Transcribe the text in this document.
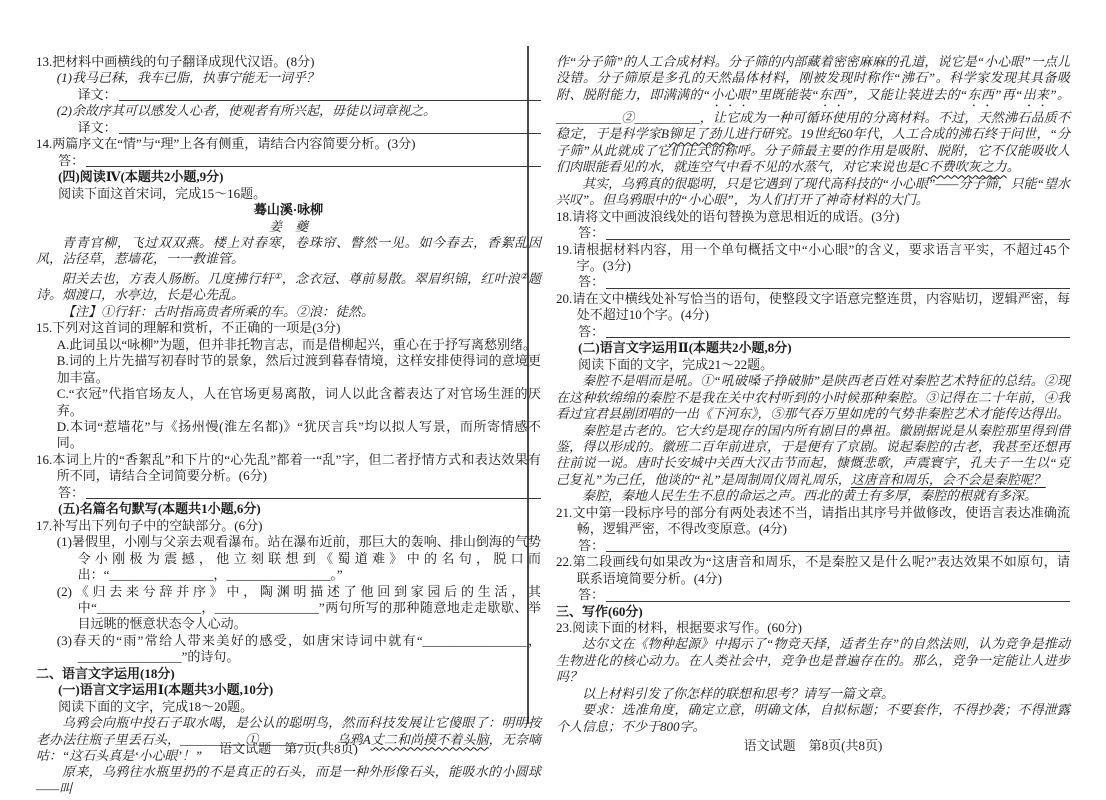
13.把材料中画横线的句子翻译成现代汉语。(8分)
(1)我马已秣，我车已脂，执事宁能无一词乎？
译文：
(2)余故序其可以感发人心者，使观者有所兴起，毋徒以词章视之。
译文：
14.两篇序文在“情”与“理”上各有侧重，请结合内容简要分析。(3分)
答：
(四)阅读Ⅳ(本题共2小题,9分)
阅读下面这首宋词，完成15～16题。
蓦山溪·咏柳
姜　夔
青青官柳，飞过双双燕。楼上对春寒，卷珠帘、瞥然一见。如今春去，香絮乱因风，沾径草，惹墙花，一一教谁管。
阳关去也，方表人肠断。几度拂行轩①，念衣冠、尊前易散。翠眉织锦，红叶浪②题诗。烟渡口，水亭边，长是心先乱。
【注】①行轩：古时指高贵者所乘的车。②浪：徒然。
15.下列对这首词的理解和赏析，不正确的一项是(3分)
A.此词虽以“咏柳”为题，但并非托物言志，而是借柳起兴，重心在于抒写离愁别绪。
B.词的上片先描写初春时节的景象，然后过渡到暮春情境，这样安排使得词的意境更加丰富。
C.“衣冠”代指官场友人，人在官场更易离散，词人以此含蓄表达了对官场生涯的厌弃。
D.本词“惹墙花”与《扬州慢(淮左名都)》“犹厌言兵”均以拟人写景，而所寄情感不同。
16.本词上片的“香絮乱”和下片的“心先乱”都着一“乱”字，但二者抒情方式和表达效果有所不同，请结合全词简要分析。(6分)
答：
(五)名篇名句默写(本题共1小题,6分)
17.补写出下列句子中的空缺部分。(6分)
(1)暑假里，小刚与父亲去观看瀑布。站在瀑布近前，那巨大的轰响、排山倒海的气势令小刚极为震撼，他立刻联想到《蜀道难》中的名句，脱口而出：“________________，________________。”
(2)《归去来兮辞并序》中，陶渊明描述了他回到家园后的生活，其中“________________，________________”两句所写的那种随意地走走歇歇、举目远眺的惬意状态令人心动。
(3)春天的“雨”常给人带来美好的感受，如唐宋诗词中就有“________________，________________”的诗句。
二、语言文字运用(18分)
(一)语言文字运用Ⅰ(本题共3小题,10分)
阅读下面的文字，完成18～20题。
乌鸦会向瓶中投石子取水喝，是公认的聪明鸟，然而科技发展让它傻眼了：明明按老办法往瓶子里丢石头，__________①__________。乌鸦A丈二和尚摸不着头脑，无奈嘀咕：“这石头真是‘小心眼’！”
原来，乌鸦往水瓶里扔的不是真正的石头，而是一种外形像石头，能吸水的小圆球——叫
语文试题　第7页(共8页)
作“分子筛”的人工合成材料。分子筛的内部藏着密密麻麻的孔道，说它是“小心眼”一点儿没错。分子筛原是多孔的天然晶体材料，刚被发现时称作“沸石”。科学家发现其具备吸附、脱附能力，即满满的“小心眼”里既能装“东西”，又能让装进去的“东西”再“出来”。__________②__________，让它成为一种可循环使用的分离材料。不过，天然沸石品质不稳定，于是科学家B铆足了劲儿进行研究。19世纪60年代，人工合成的沸石终于问世，“分子筛”从此就成了它们正式的称呼。分子筛最主要的作用是吸附、脱附，它不仅能吸收人们肉眼能看见的水，就连空气中看不见的水蒸气，对它来说也是C不费吹灰之力。
其实，乌鸦真的很聪明，只是它遇到了现代高科技的“小心眼”——分子筛，只能“望水兴叹”。但乌鸦眼中的“小心眼”，为人们打开了神奇材料的大门。
18.请将文中画波浪线处的语句替换为意思相近的成语。(3分)
答：
19.请根据材料内容，用一个单句概括文中“小心眼”的含义，要求语言平实，不超过45个字。(3分)
答：
20.请在文中横线处补写恰当的语句，使整段文字语意完整连贯，内容贴切，逻辑严密，每处不超过10个字。(4分)
答：
(二)语言文字运用Ⅱ(本题共2小题,8分)
阅读下面的文字，完成21～22题。
秦腔不是唱而是吼。①“吼破嗓子挣破肺”是陕西老百姓对秦腔艺术特征的总结。②现在这种软绵绵的秦腔不是我在关中农村听到的小时候那种秦腔。③记得在二十年前，④我看过宜君县剧团唱的一出《下河东》，⑤那气吞万里如虎的气势非秦腔艺术才能传达得出。
秦腔是古老的。它大约是现存的国内所有剧目的鼻祖。徽剧据说是从秦腔那里得到借鉴，得以形成的。徽班二百年前进京，于是便有了京剧。说起秦腔的古老，我甚至还想再往前说一说。唐时长安城中关西大汉击节而起，慷慨悲歌，声震寰宇，孔夫子一生以“克己复礼”为己任，他谈的“礼”是周制周仪周礼周乐，这唐音和周乐，会不会是秦腔呢？
秦腔，秦地人民生生不息的命运之声。西北的黄土有多厚，秦腔的根就有多深。
21.文中第一段标序号的部分有两处表述不当，请指出其序号并做修改，使语言表达准确流畅，逻辑严密，不得改变原意。(4分)
答：
22.第二段画线句如果改为“这唐音和周乐，不是秦腔又是什么呢?”表达效果不如原句，请联系语境简要分析。(4分)
答：
三、写作(60分)
23.阅读下面的材料，根据要求写作。(60分)
达尔文在《物种起源》中揭示了“物竞天择，适者生存”的自然法则，认为竞争是推动生物进化的核心动力。在人类社会中，竞争也是普遍存在的。那么，竞争一定能让人进步吗？
以上材料引发了你怎样的联想和思考？请写一篇文章。
要求：选准角度，确定立意，明确文体，自拟标题；不要套作，不得抄袭；不得泄露个人信息；不少于800字。
语文试题　第8页(共8页)
